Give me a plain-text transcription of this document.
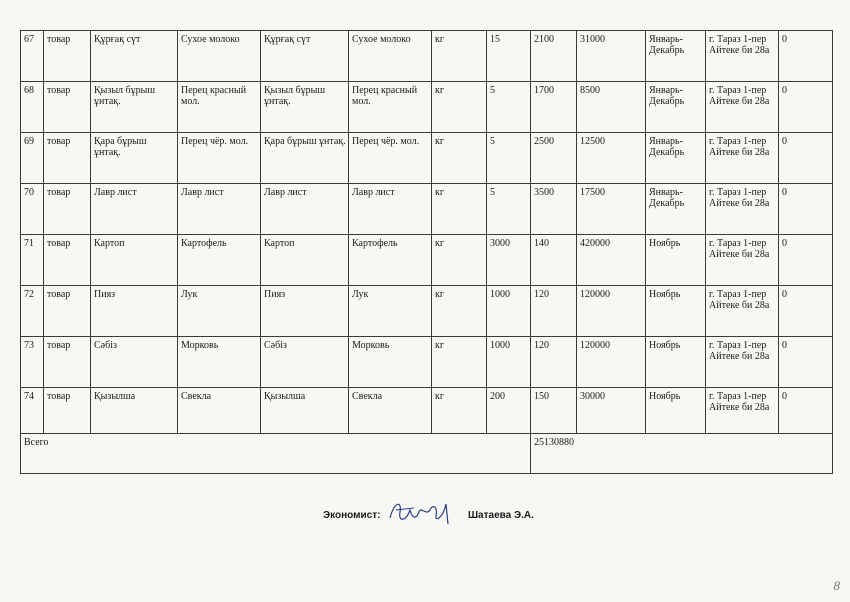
67	товар	Құрғақ сүт	Сухое молоко	Құрғақ сүт	Сухое молоко	кг	15	2100	31000	Январь-Декабрь	г. Тараз 1-пер Айтеке би 28а	0
68	товар	Қызыл бұрыш ұнтақ.	Перец красный мол.	Қызыл бұрыш ұнтақ.	Перец красный мол.	кг	5	1700	8500	Январь-Декабрь	г. Тараз 1-пер Айтеке би 28а	0
69	товар	Қара бұрыш ұнтақ.	Перец чёр. мол.	Қара бұрыш ұнтақ.	Перец чёр. мол.	кг	5	2500	12500	Январь-Декабрь	г. Тараз 1-пер Айтеке би 28а	0
70	товар	Лавр лист	Лавр лист	Лавр лист	Лавр лист	кг	5	3500	17500	Январь-Декабрь	г. Тараз 1-пер Айтеке би 28а	0
71	товар	Картоп	Картофель	Картоп	Картофель	кг	3000	140	420000	Ноябрь	г. Тараз 1-пер Айтеке би 28а	0
72	товар	Пияз	Лук	Пияз	Лук	кг	1000	120	120000	Ноябрь	г. Тараз 1-пер Айтеке би 28а	0
73	товар	Сәбіз	Морковь	Сәбіз	Морковь	кг	1000	120	120000	Ноябрь	г. Тараз 1-пер Айтеке би 28а	0
74	товар	Қызылша	Свекла	Қызылша	Свекла	кг	200	150	30000	Ноябрь	г. Тараз 1-пер Айтеке би 28а	0
Всего								25130880				
Экономист:	Шатаева Э.А.
8
